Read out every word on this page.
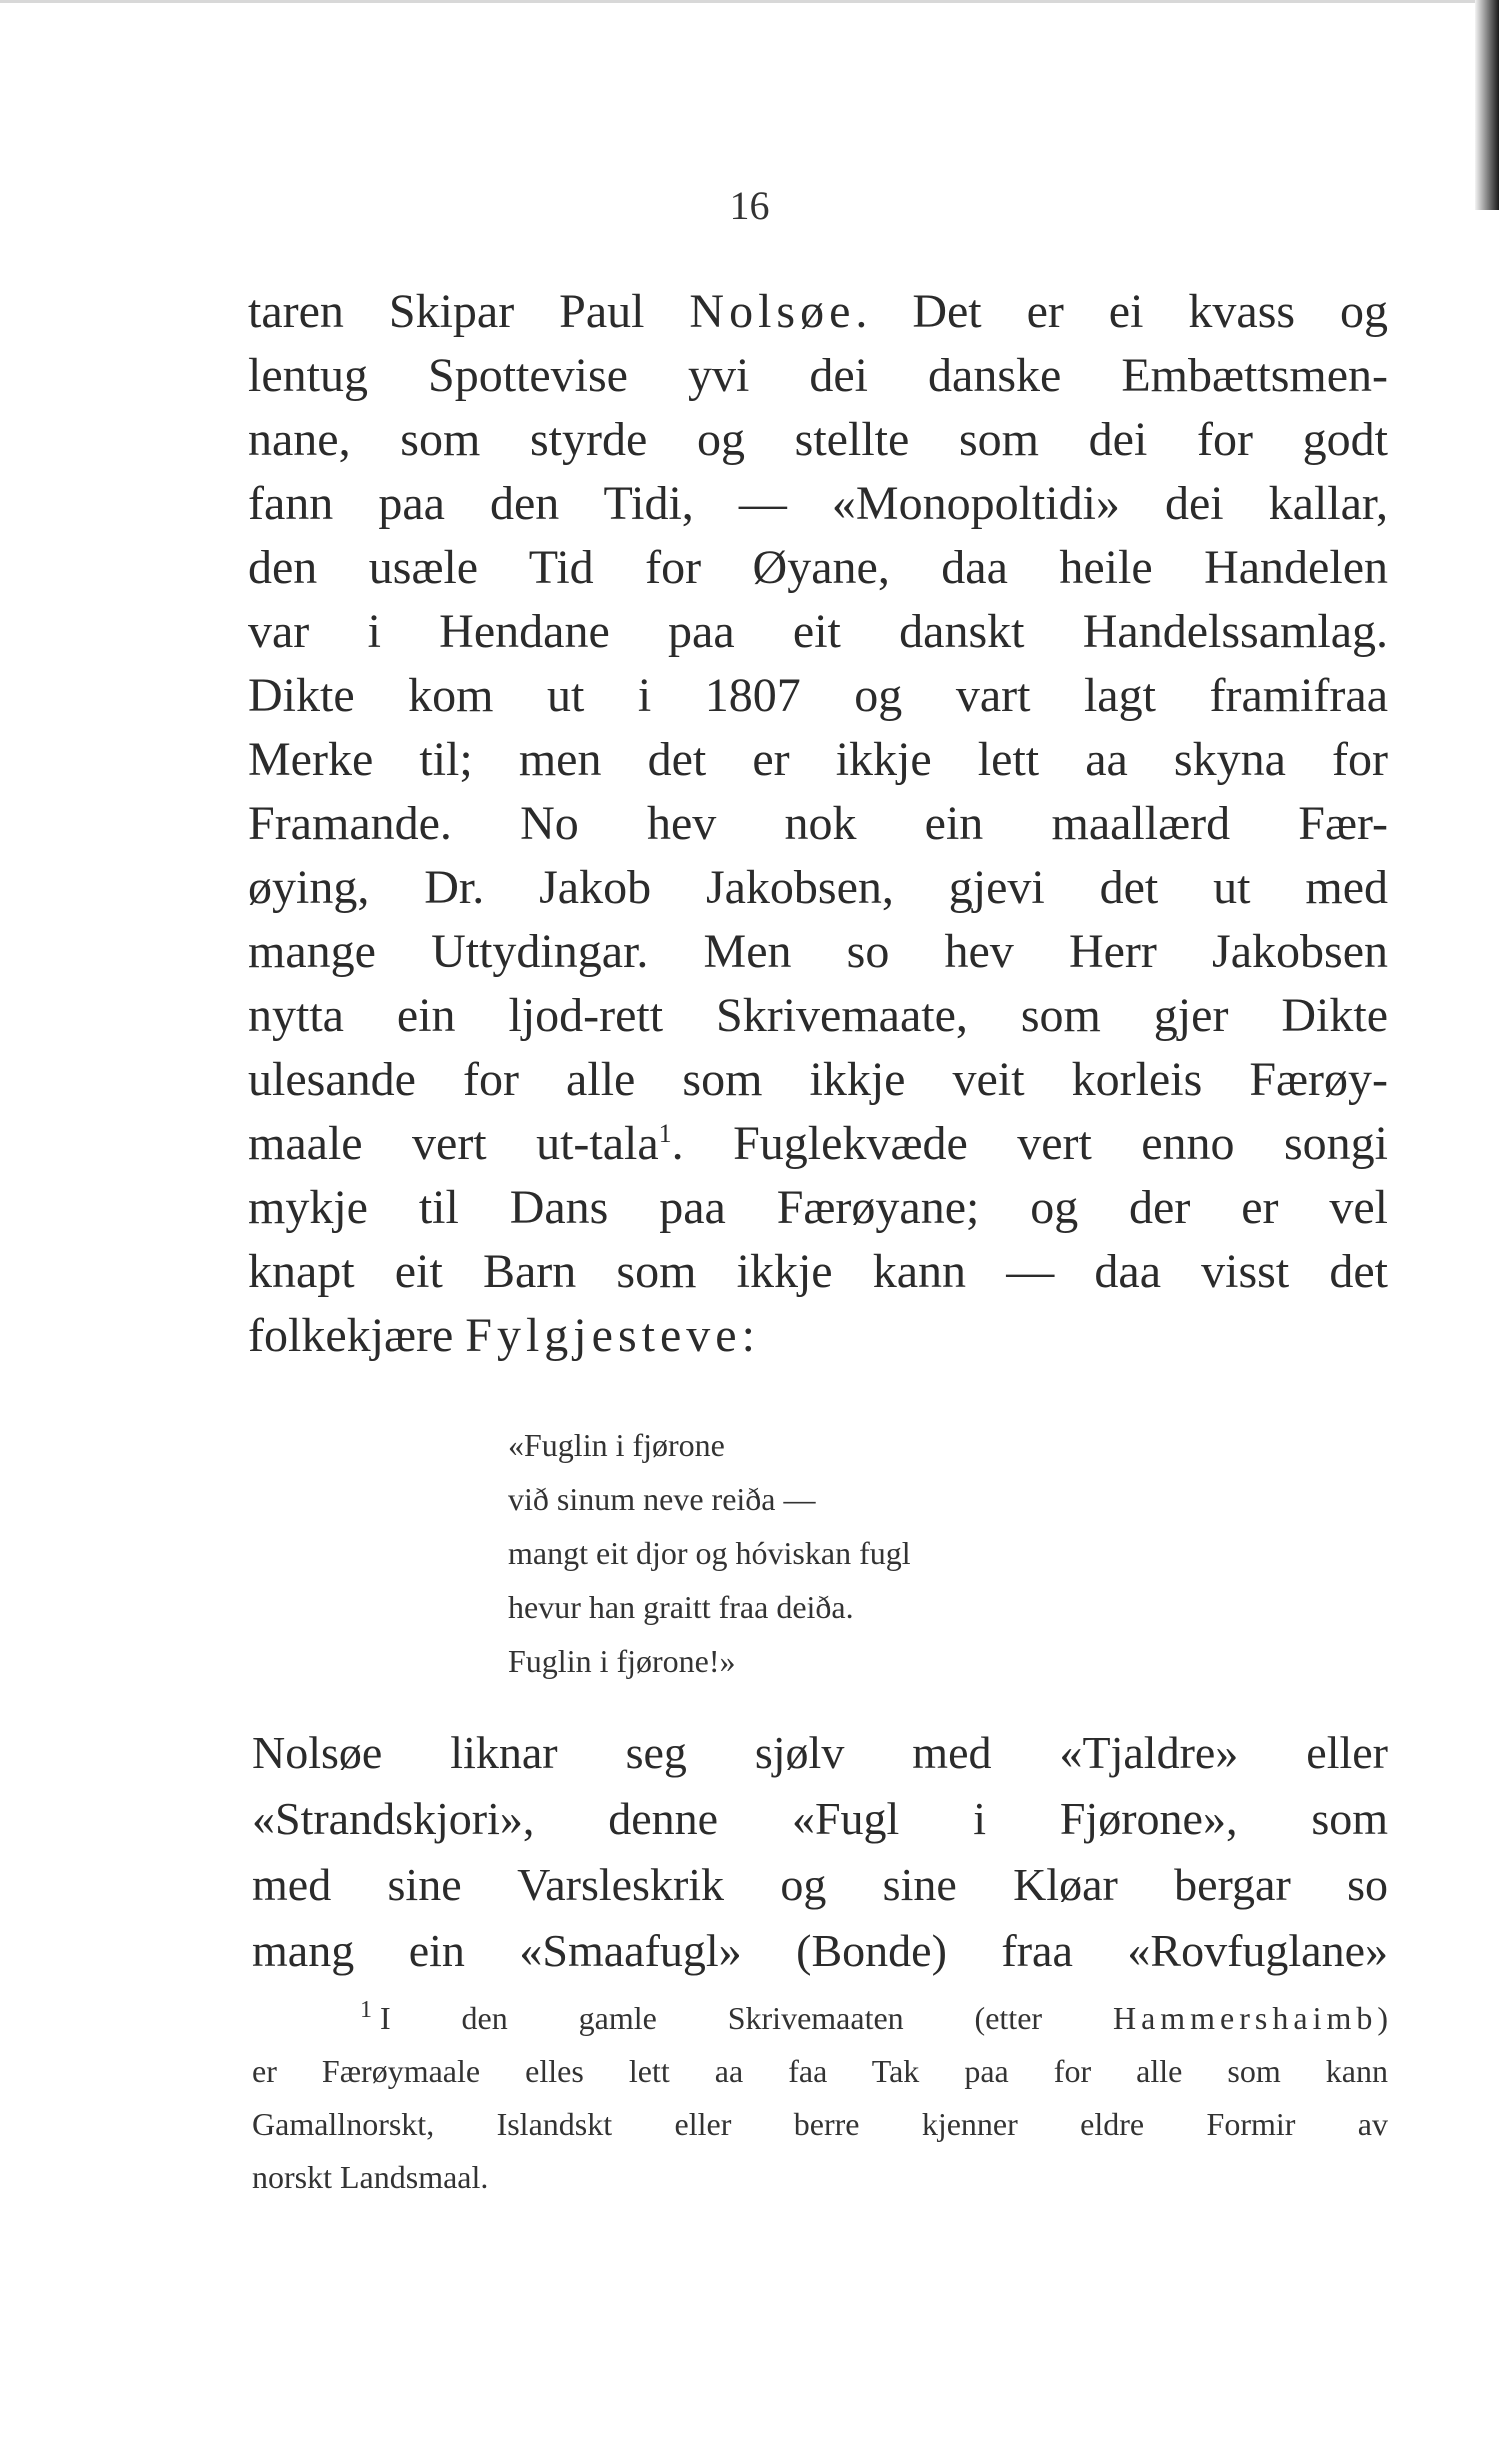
16
taren Skipar Paul Nolsøe. Det er ei kvass og
lentug Spottevise yvi dei danske Embættsmen-
nane, som styrde og stellte som dei for godt
fann paa den Tidi, — «Monopoltidi» dei kallar,
den usæle Tid for Øyane, daa heile Handelen
var i Hendane paa eit danskt Handelssamlag.
Dikte kom ut i 1807 og vart lagt framifraa
Merke til; men det er ikkje lett aa skyna for
Framande. No hev nok ein maallærd Fær-
øying, Dr. Jakob Jakobsen, gjevi det ut med
mange Uttydingar. Men so hev Herr Jakobsen
nytta ein ljod-rett Skrivemaate, som gjer Dikte
ulesande for alle som ikkje veit korleis Færøy-
maale vert ut-tala$^1$. Fuglekvæde vert enno songi
mykje til Dans paa Færøyane; og der er vel
knapt eit Barn som ikkje kann — daa visst det
folkekjære Fylgjesteve:
«Fuglin i fjørone
við sinum neve reiða —
mangt eit djor og hóviskan fugl
hevur han graitt fraa deiða.
Fuglin i fjørone!»
Nolsøe liknar seg sjølv med «Tjaldre» eller
«Strandskjori», denne «Fugl i Fjørone», som
med sine Varsleskrik og sine Kløar bergar so
mang ein «Smaafugl» (Bonde) fraa «Rovfuglane»
$^1$ I den gamle Skrivemaaten (etter Hammershaimb)
er Færøymaale elles lett aa faa Tak paa for alle som kann
Gamallnorskt, Islandskt eller berre kjenner eldre Formir av
norskt Landsmaal.
